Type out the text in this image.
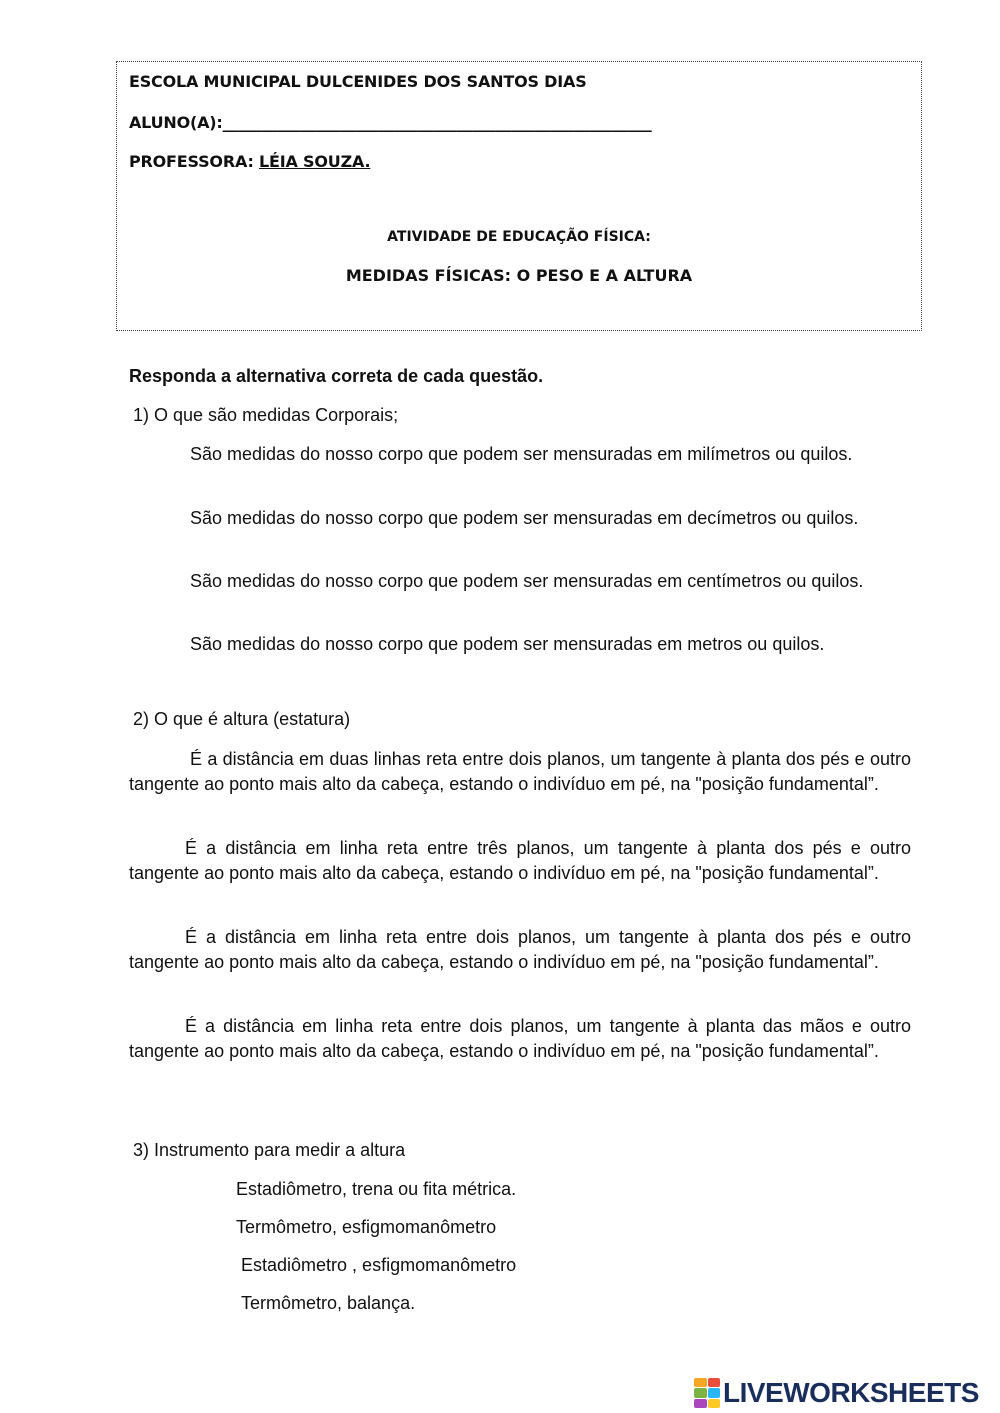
ESCOLA MUNICIPAL DULCENIDES DOS SANTOS DIAS
ALUNO(A):_______________________________________________________
PROFESSORA: LÉIA SOUZA.
ATIVIDADE DE EDUCAÇÃO FÍSICA:
MEDIDAS FÍSICAS: O PESO E A ALTURA
Responda a alternativa correta de cada questão.
1) O que são medidas Corporais;
São medidas do nosso corpo que podem ser mensuradas em milímetros ou quilos.
São medidas do nosso corpo que podem ser mensuradas em decímetros ou quilos.
São medidas do nosso corpo que podem ser mensuradas em centímetros ou quilos.
São medidas do nosso corpo que podem ser mensuradas em metros ou quilos.
2) O que é altura (estatura)
É a distância em duas linhas reta entre dois planos, um tangente à planta dos pés e outro tangente ao ponto mais alto da cabeça, estando o indivíduo em pé, na "posição fundamental”.
É a distância em linha reta entre três planos, um tangente à planta dos pés e outro tangente ao ponto mais alto da cabeça, estando o indivíduo em pé, na "posição fundamental”.
É a distância em linha reta entre dois planos, um tangente à planta dos pés e outro tangente ao ponto mais alto da cabeça, estando o indivíduo em pé, na "posição fundamental”.
É a distância em linha reta entre dois planos, um tangente à planta das mãos e outro tangente ao ponto mais alto da cabeça, estando o indivíduo em pé, na "posição fundamental”.
3) Instrumento para medir a altura
Estadiômetro, trena ou fita métrica.
Termômetro, esfigmomanômetro
Estadiômetro , esfigmomanômetro
Termômetro, balança.
LIVEWORKSHEETS
